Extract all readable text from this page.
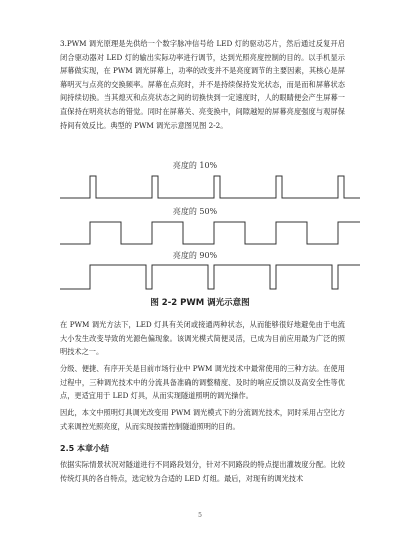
3.PWM 调光原理是先供给一个数字脉冲信号给 LED 灯的驱动芯片，然后通过反复开启闭合驱动器对 LED 灯的输出实际功率进行调节，达到光照亮度控制的目的。以手机显示屏幕做实现，在 PWM 调光屏幕上，功率的改变并不是亮度调节的主要因素，其核心是屏幕明灭与点亮的交换频率。屏幕在点亮时，并不是持续保持发光状态，而是而和屏幕状态间持续切换。当其熄灭和点亮状态之间的切换快到一定速度时，人的眼睛便会产生屏幕一直保持在明亮状态的错觉。同时在屏幕关、亮变换中，间隙越短的屏幕亮度强度与观屏保持间有效反比。典型的 PWM 调光示意图见图 2-2。

亮度的 10%
亮度的 50%
亮度的 90%
图 2-2 PWM 调光示意图

在 PWM 调光方法下，LED 灯具有关闭或接通两种状态，从而能够很好地避免由于电流大小发生改变导致的光源色偏现象。该调光模式简便灵活，已成为目前应用最为广泛的照明技术之一。

分级、便捷、有序开关是目前市场行业中 PWM 调光技术中最常使用的三种方法。在使用过程中，三种调光技术中的分流具备准确的调整精度、及时的响应反馈以及高安全性等优点，更适宜用于 LED 灯具，从而实现隧道照明的调光操作。

因此，本文中照明灯具调光改变用 PWM 调光模式下的分流调光技术，同时采用占空比方式来调控光照亮度，从而实现按需控制隧道照明的目的。

2.5 本章小结

依据实际情景状况对隧道进行不同路段划分，针对不同路段的特点提出灌坡度分配。比较传统灯具的各自特点，选定较为合适的 LED 灯组。最后，对现有的调光技术

5
